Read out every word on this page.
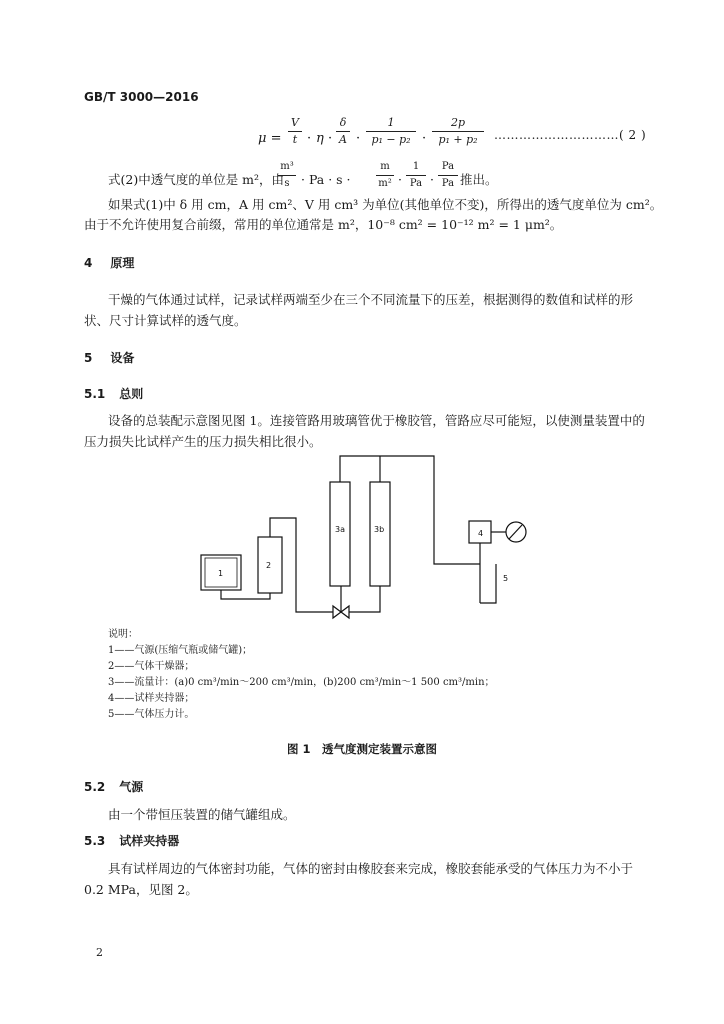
GB/T 3000—2016
μ =
V
t · η ·
δ
A ·
1
p₁ − p₂ ·
2p
p₁ + p₂	…………………………( 2 )
式(2)中透气度的单位是 m²，由
m³
s · Pa · s ·
m
m² ·
1
Pa ·
Pa
Pa 推出。
如果式(1)中 δ 用 cm，A 用 cm²、V 用 cm³ 为单位(其他单位不变)，所得出的透气度单位为 cm²。
由于不允许使用复合前缀，常用的单位通常是 m²，10⁻⁸ cm² = 10⁻¹² m² = 1 μm²。
4 原理
干燥的气体通过试样，记录试样两端至少在三个不同流量下的压差，根据测得的数值和试样的形
状、尺寸计算试样的透气度。
5 设备
5.1 总则
设备的总装配示意图见图 1。连接管路用玻璃管优于橡胶管，管路应尽可能短，以使测量装置中的
压力损失比试样产生的压力损失相比很小。
1
2
3a	3b	4
5
说明：
1——气源(压缩气瓶或储气罐)；
2——气体干燥器；
3——流量计：(a)0 cm³/min～200 cm³/min，(b)200 cm³/min～1 500 cm³/min；
4——试样夹持器；
5——气体压力计。
图 1　透气度测定装置示意图
5.2 气源
由一个带恒压装置的储气罐组成。
5.3 试样夹持器
具有试样周边的气体密封功能，气体的密封由橡胶套来完成，橡胶套能承受的气体压力为不小于
0.2 MPa，见图 2。
2
